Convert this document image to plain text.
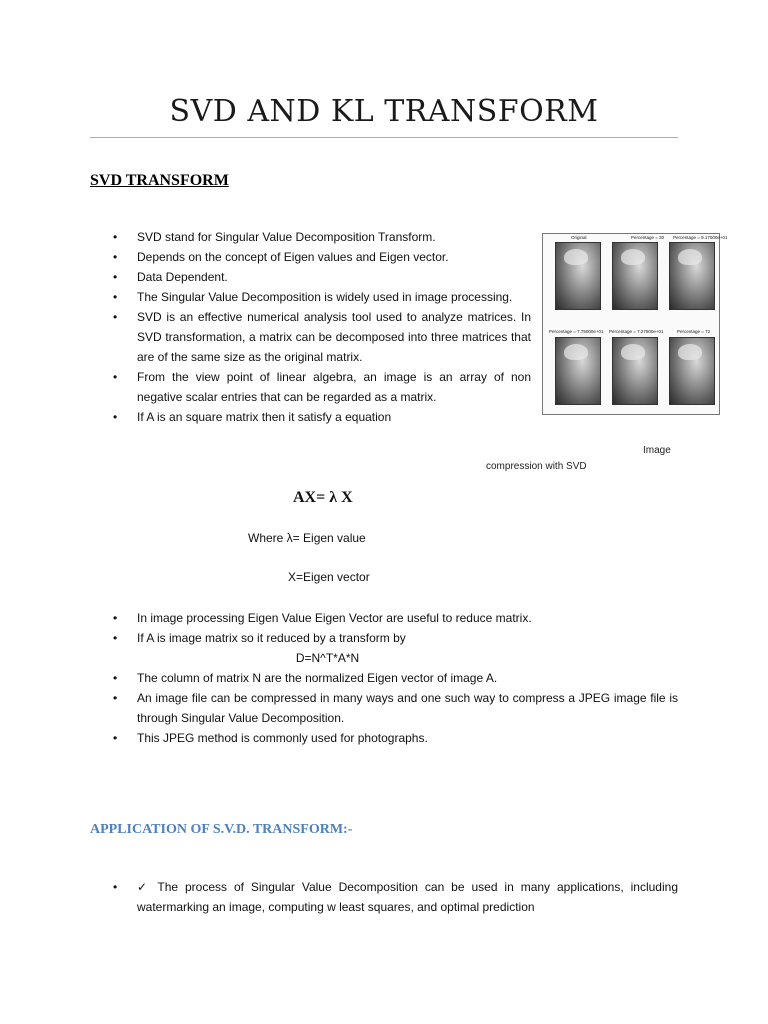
SVD AND KL TRANSFORM
SVD TRANSFORM
• SVD stand for Singular Value Decomposition Transform.
• Depends on the concept of Eigen values and Eigen vector.
• Data Dependent.
• The Singular Value Decomposition is widely used in image processing.
• SVD is an effective numerical analysis tool used to analyze matrices. In SVD transformation, a matrix can be decomposed into three matrices that are of the same size as the original matrix.
• From the view point of linear algebra, an image is an array of non negative scalar entries that can be regarded as a matrix.
• If A is an square matrix then it satisfy a equation
Original	Percentage = 30 Percentage = 9.17000e+01
Percentage = 7.75000e+01 Percentage = 7.27500e+01	Percentage = 72
Image
compression with SVD
AX= λ X
Where λ= Eigen value
X=Eigen vector
• In image processing Eigen Value Eigen Vector are useful to reduce matrix.
• If A is image matrix so it reduced by a transform by
D=N^T*A*N
• The column of matrix N are the normalized Eigen vector of image A.
• An image file can be compressed in many ways and one such way to compress a JPEG image file is through Singular Value Decomposition.
• This JPEG method is commonly used for photographs.
APPLICATION OF S.V.D. TRANSFORM:-
• ✓ The process of Singular Value Decomposition can be used in many applications, including watermarking an image, computing w least squares, and optimal prediction
